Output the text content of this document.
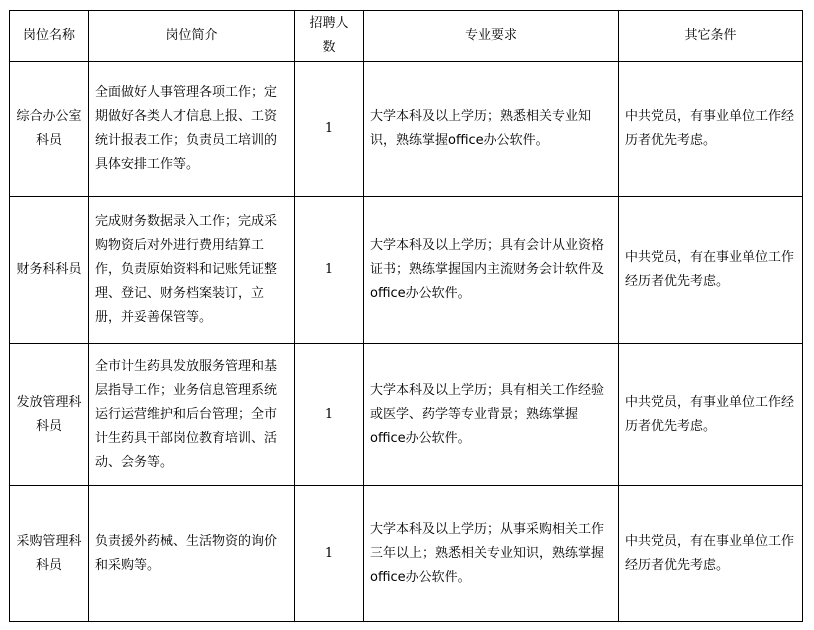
岗位名称	岗位简介	招聘人数	专业要求	其它条件
综合办公室科员	全面做好人事管理各项工作；定期做好各类人才信息上报、工资统计报表工作；负责员工培训的具体安排工作等。	1	大学本科及以上学历；熟悉相关专业知识，熟练掌握office办公软件。	中共党员，有事业单位工作经历者优先考虑。
财务科科员	完成财务数据录入工作；完成采购物资后对外进行费用结算工作，负责原始资料和记账凭证整理、登记、财务档案装订，立册，并妥善保管等。	1	大学本科及以上学历；具有会计从业资格证书；熟练掌握国内主流财务会计软件及office办公软件。	中共党员，有在事业单位工作经历者优先考虑。
发放管理科科员	全市计生药具发放服务管理和基层指导工作；业务信息管理系统运行运营维护和后台管理；全市计生药具干部岗位教育培训、活动、会务等。	1	大学本科及以上学历；具有相关工作经验或医学、药学等专业背景；熟练掌握office办公软件。	中共党员，有事业单位工作经历者优先考虑。
采购管理科科员	负责援外药械、生活物资的询价和采购等。	1	大学本科及以上学历；从事采购相关工作三年以上；熟悉相关专业知识，熟练掌握office办公软件。	中共党员，有在事业单位工作经历者优先考虑。
